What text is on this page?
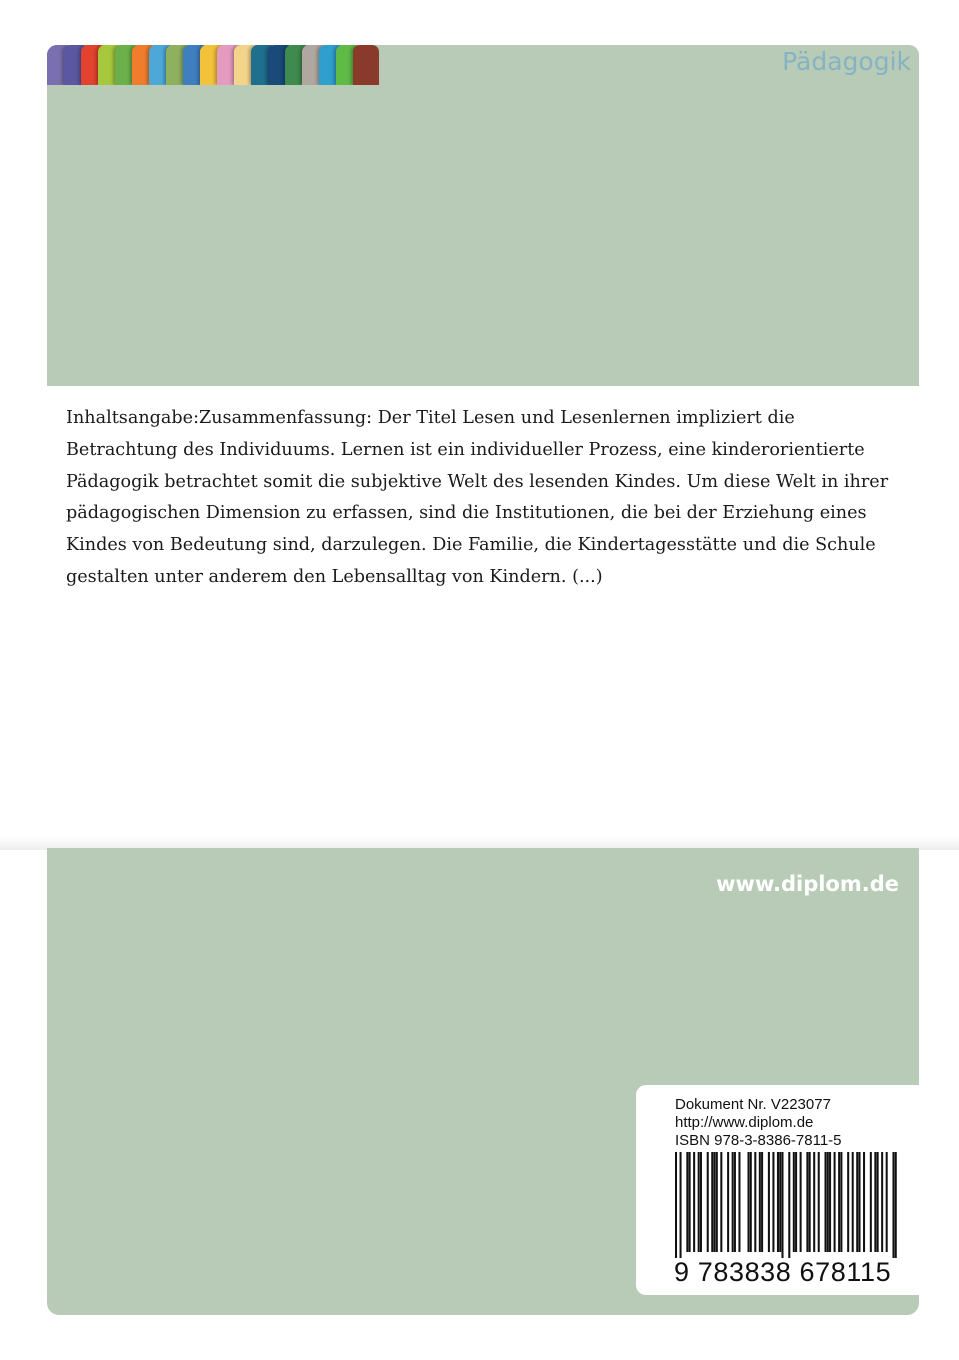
Pädagogik

Inhaltsangabe:Zusammenfassung: Der Titel Lesen und Lesenlernen impliziert die Betrachtung des Individuums. Lernen ist ein individueller Prozess, eine kinderorientierte Pädagogik betrachtet somit die subjektive Welt des lesenden Kindes. Um diese Welt in ihrer pädagogischen Dimension zu erfassen, sind die Institutionen, die bei der Erziehung eines Kindes von Bedeutung sind, darzulegen. Die Familie, die Kindertagesstätte und die Schule gestalten unter anderem den Lebensalltag von Kindern. (...)

www.diplom.de
Dokument Nr. V223077
http://www.diplom.de
ISBN 978-3-8386-7811-5
9 783838 678115
